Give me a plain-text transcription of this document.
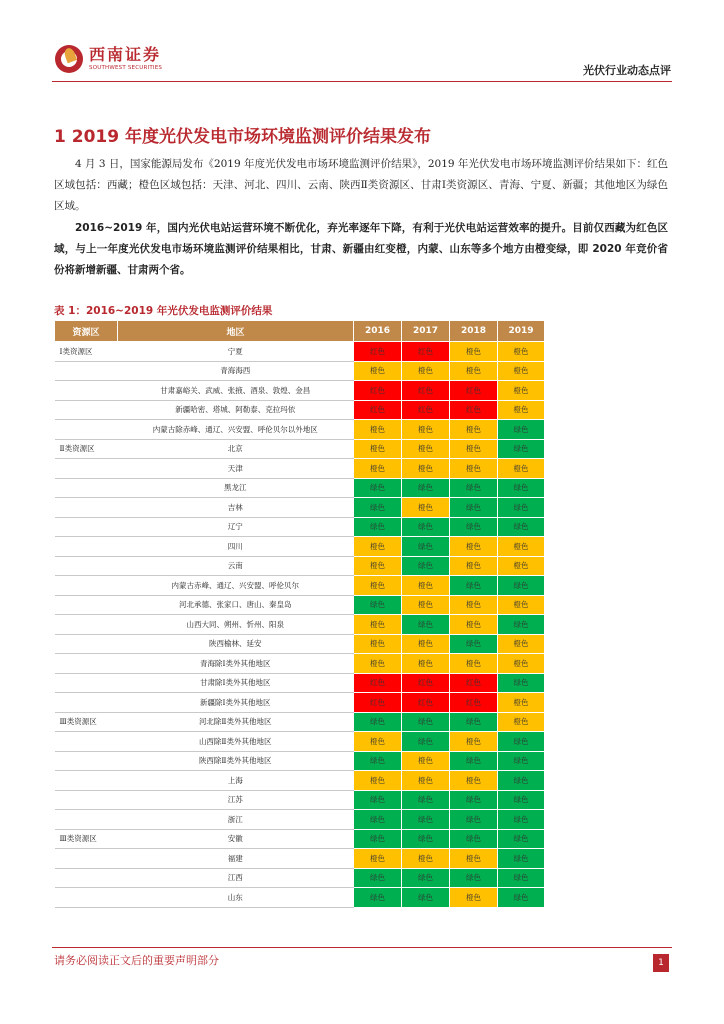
西南证券
SOUTHWEST SECURITIES	光伏行业动态点评
1 2019 年度光伏发电市场环境监测评价结果发布
4 月 3 日，国家能源局发布《2019 年度光伏发电市场环境监测评价结果》，2019 年光伏发电市场环境监测评价结果如下：红色区域包括：西藏；橙色区域包括：天津、河北、四川、云南、陕西Ⅱ类资源区、甘肃Ⅰ类资源区、青海、宁夏、新疆；其他地区为绿色区域。
2016~2019 年，国内光伏电站运营环境不断优化，弃光率逐年下降，有利于光伏电站运营效率的提升。目前仅西藏为红色区域，与上一年度光伏发电市场环境监测评价结果相比，甘肃、新疆由红变橙，内蒙、山东等多个地方由橙变绿，即 2020 年竞价省份将新增新疆、甘肃两个省。
表 1：2016~2019 年光伏发电监测评价结果
资源区	地区	2016	2017	2018	2019
Ⅰ类资源区	宁夏	红色	红色	橙色	橙色
	青海海西	橙色	橙色	橙色	橙色
	甘肃嘉峪关、武威、张掖、酒泉、敦煌、金昌	红色	红色	红色	橙色
	新疆哈密、塔城、阿勒泰、克拉玛依	红色	红色	红色	橙色
	内蒙古除赤峰、通辽、兴安盟、呼伦贝尔以外地区	橙色	橙色	橙色	绿色
Ⅱ类资源区	北京	橙色	橙色	橙色	绿色
	天津	橙色	橙色	橙色	橙色
	黑龙江	绿色	绿色	绿色	绿色
	吉林	绿色	橙色	绿色	绿色
	辽宁	绿色	绿色	绿色	绿色
	四川	橙色	绿色	橙色	橙色
	云南	橙色	绿色	橙色	橙色
	内蒙古赤峰、通辽、兴安盟、呼伦贝尔	橙色	橙色	绿色	绿色
	河北承德、张家口、唐山、秦皇岛	绿色	橙色	橙色	橙色
	山西大同、朔州、忻州、阳泉	橙色	绿色	橙色	绿色
	陕西榆林、延安	橙色	橙色	绿色	橙色
	青海除Ⅰ类外其他地区	橙色	橙色	橙色	橙色
	甘肃除Ⅰ类外其他地区	红色	红色	红色	绿色
	新疆除Ⅰ类外其他地区	红色	红色	红色	橙色
Ⅲ类资源区	河北除Ⅱ类外其他地区	绿色	绿色	绿色	橙色
	山西除Ⅱ类外其他地区	橙色	绿色	橙色	绿色
	陕西除Ⅱ类外其他地区	绿色	橙色	绿色	绿色
	上海	橙色	橙色	橙色	绿色
	江苏	绿色	绿色	绿色	绿色
	浙江	绿色	绿色	绿色	绿色
Ⅲ类资源区	安徽	绿色	绿色	绿色	绿色
	福建	橙色	橙色	橙色	绿色
	江西	绿色	绿色	绿色	绿色
	山东	绿色	绿色	橙色	绿色
请务必阅读正文后的重要声明部分	1
